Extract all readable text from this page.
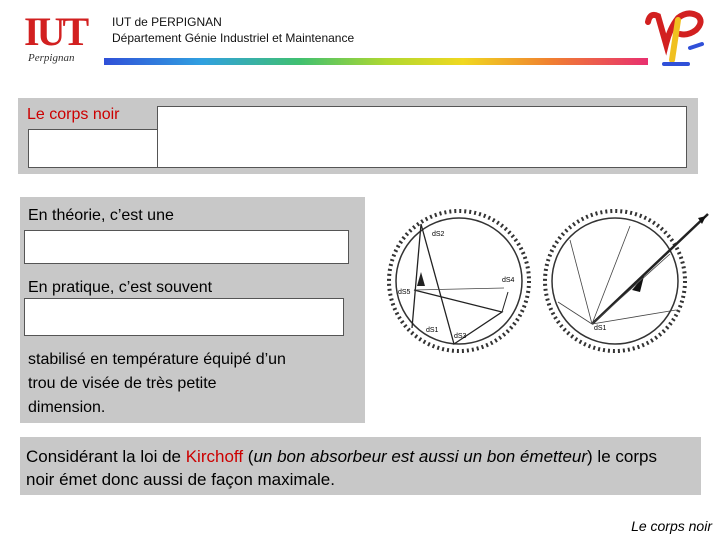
IUT
Perpignan
IUT de PERPIGNAN
Département Génie Industriel et Maintenance
Le corps noir
En théorie, c’est une
En pratique, c’est souvent
stabilisé en température équipé d’un
trou de visée de très petite
dimension.
dS2
dS4
dS5
dS1
dS3
dS1
Considérant la loi de Kirchoff (un bon absorbeur est aussi un bon émetteur) le corps noir émet donc aussi de façon maximale.
Le corps noir
